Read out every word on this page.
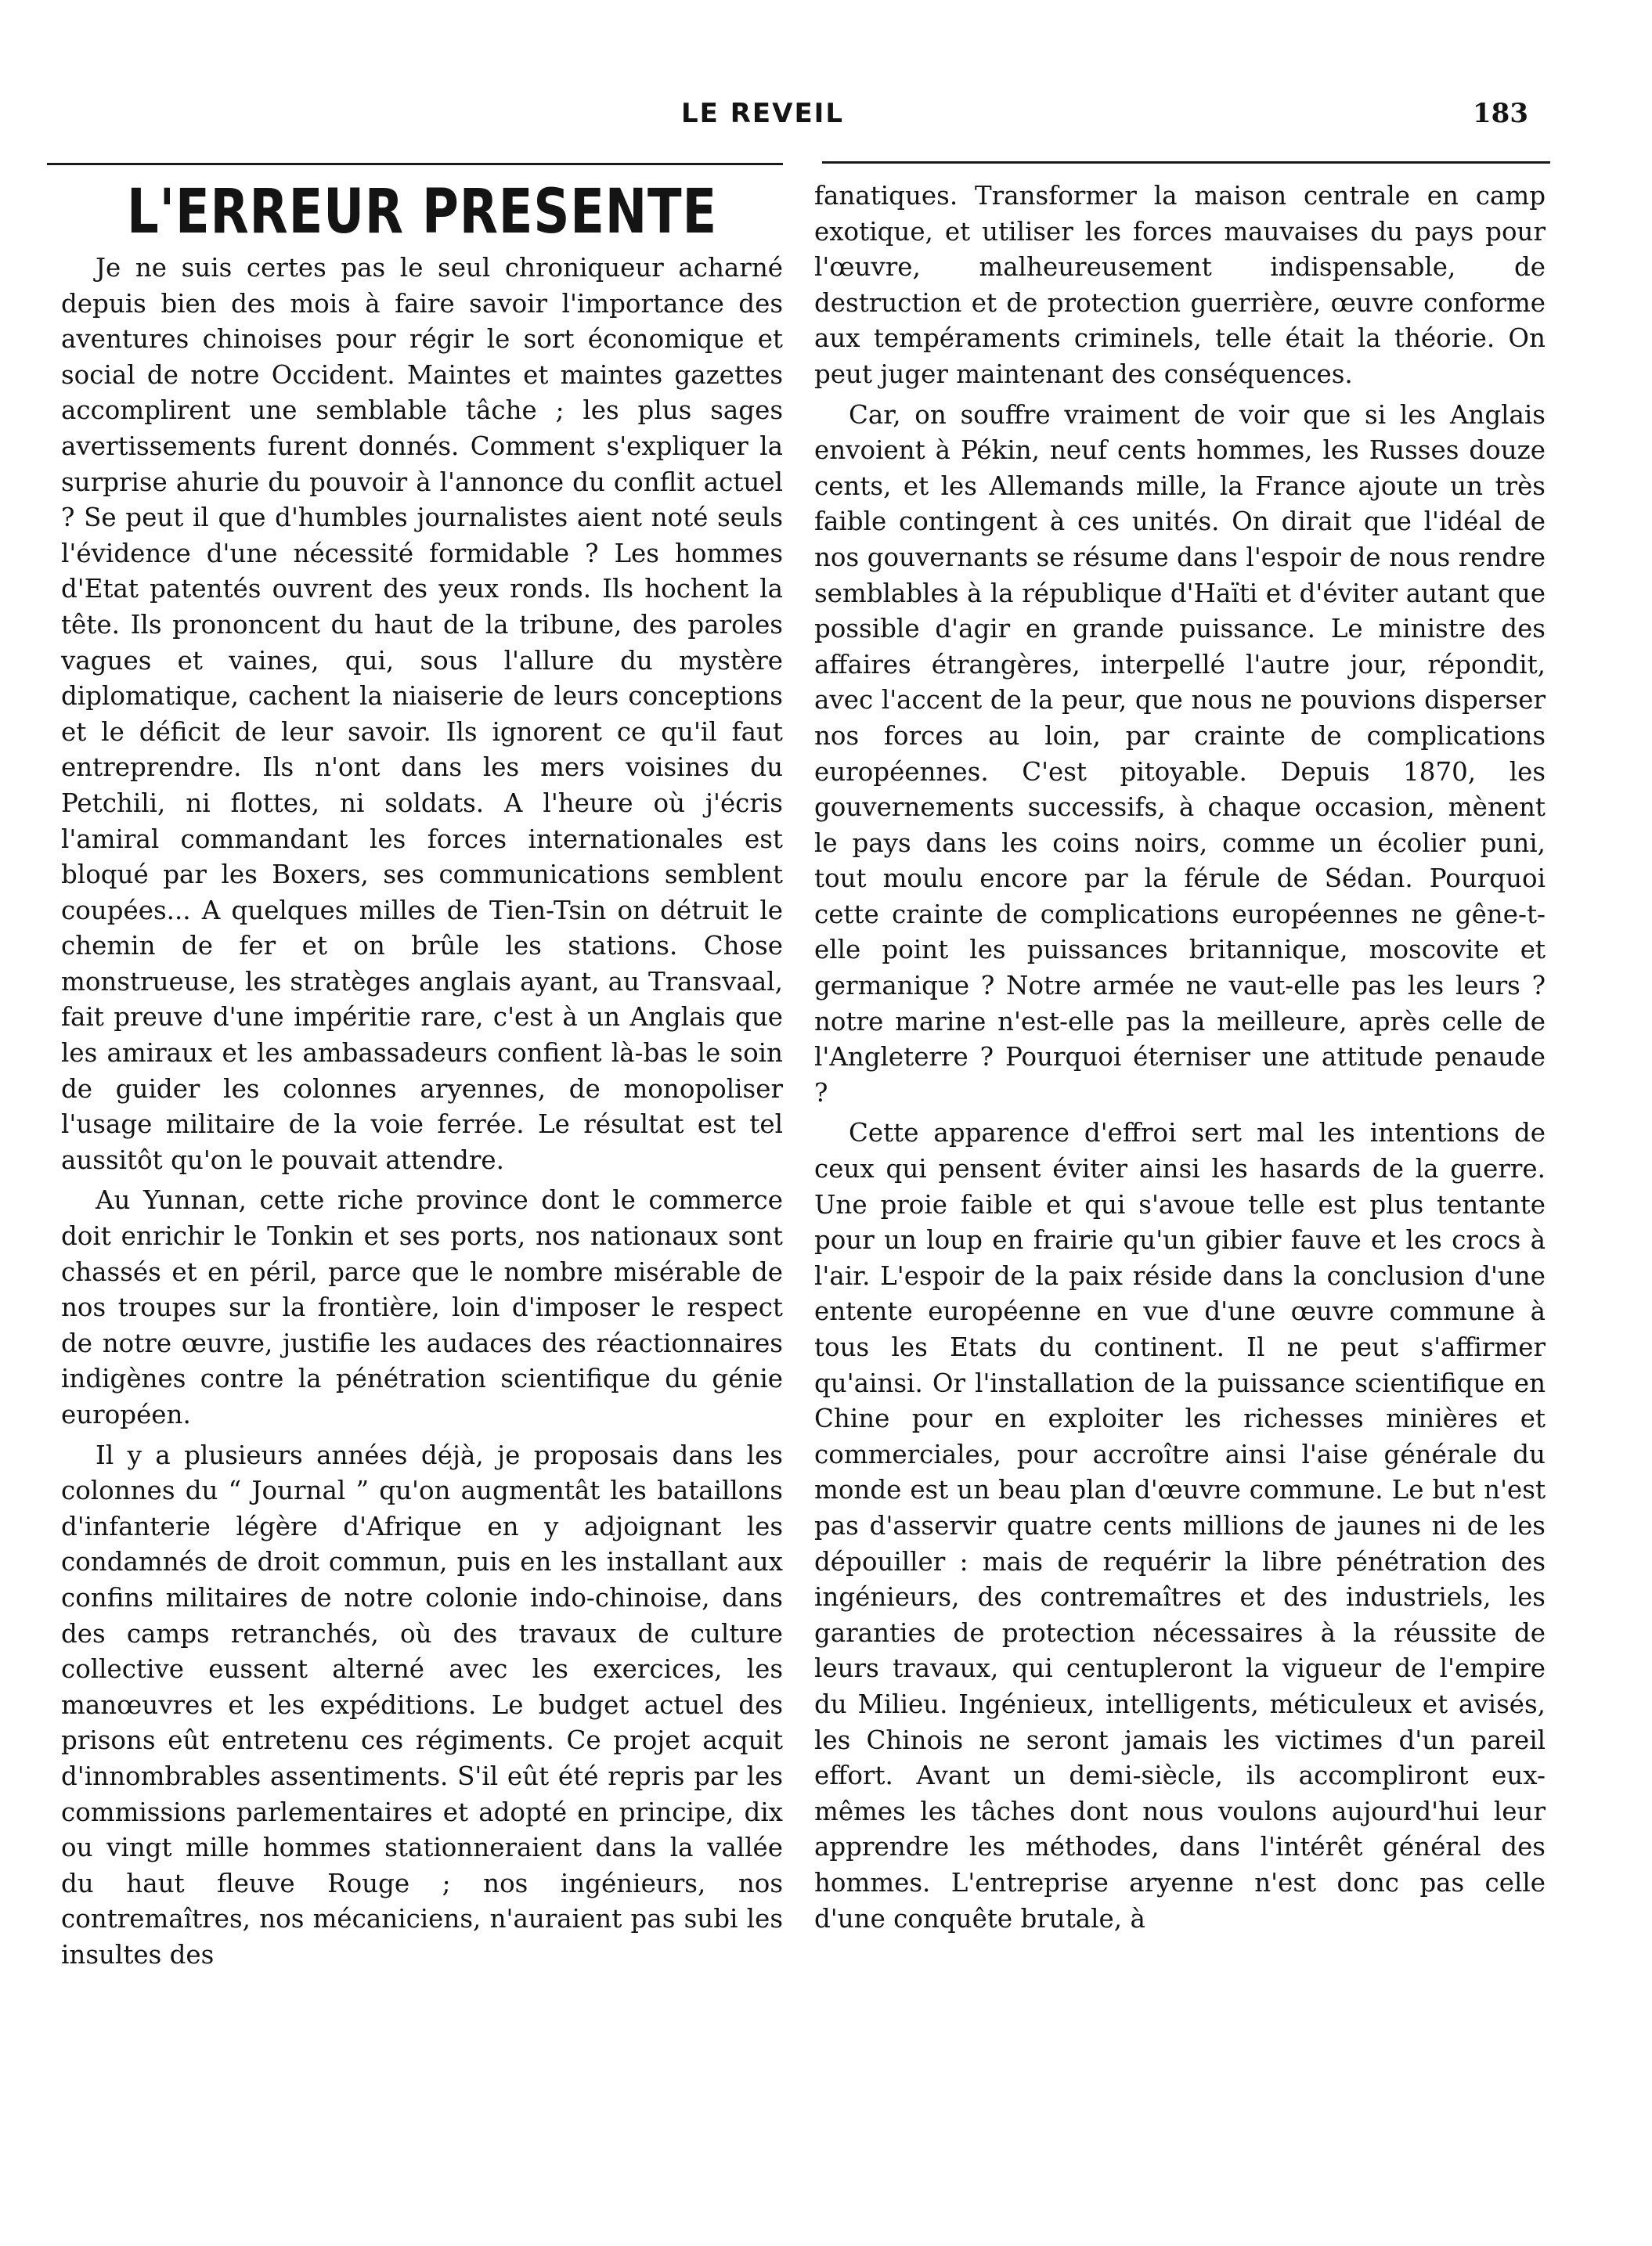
LE REVEIL	183
L'ERREUR PRESENTE

Je ne suis certes pas le seul chroniqueur acharné depuis bien des mois à faire savoir l'importance des aventures chinoises pour régir le sort économique et social de notre Occident. Maintes et maintes gazettes accomplirent une semblable tâche ; les plus sages avertissements furent donnés. Comment s'expliquer la surprise ahurie du pouvoir à l'annonce du conflit actuel ? Se peut il que d'humbles journalistes aient noté seuls l'évidence d'une nécessité formidable ? Les hommes d'Etat patentés ouvrent des yeux ronds. Ils hochent la tête. Ils prononcent du haut de la tribune, des paroles vagues et vaines, qui, sous l'allure du mystère diplomatique, cachent la niaiserie de leurs conceptions et le déficit de leur savoir. Ils ignorent ce qu'il faut entreprendre. Ils n'ont dans les mers voisines du Petchili, ni flottes, ni soldats. A l'heure où j'écris l'amiral commandant les forces internationales est bloqué par les Boxers, ses communications semblent coupées... A quelques milles de Tien-Tsin on détruit le chemin de fer et on brûle les stations. Chose monstrueuse, les stratèges anglais ayant, au Transvaal, fait preuve d'une impéritie rare, c'est à un Anglais que les amiraux et les ambassadeurs confient là-bas le soin de guider les colonnes aryennes, de monopoliser l'usage militaire de la voie ferrée. Le résultat est tel aussitôt qu'on le pouvait attendre.

Au Yunnan, cette riche province dont le commerce doit enrichir le Tonkin et ses ports, nos nationaux sont chassés et en péril, parce que le nombre misérable de nos troupes sur la frontière, loin d'imposer le respect de notre œuvre, justifie les audaces des réactionnaires indigènes contre la pénétration scientifique du génie européen.

Il y a plusieurs années déjà, je proposais dans les colonnes du “ Journal ” qu'on augmentât les bataillons d'infanterie légère d'Afrique en y adjoignant les condamnés de droit commun, puis en les installant aux confins militaires de notre colonie indo-chinoise, dans des camps retranchés, où des travaux de culture collective eussent alterné avec les exercices, les manœuvres et les expéditions. Le budget actuel des prisons eût entretenu ces régiments. Ce projet acquit d'innombrables assentiments. S'il eût été repris par les commissions parlementaires et adopté en principe, dix ou vingt mille hommes stationneraient dans la vallée du haut fleuve Rouge ; nos ingénieurs, nos contremaîtres, nos mécaniciens, n'auraient pas subi les insultes des

fanatiques. Transformer la maison centrale en camp exotique, et utiliser les forces mauvaises du pays pour l'œuvre, malheureusement indispensable, de destruction et de protection guerrière, œuvre conforme aux tempéraments criminels, telle était la théorie. On peut juger maintenant des conséquences.

Car, on souffre vraiment de voir que si les Anglais envoient à Pékin, neuf cents hommes, les Russes douze cents, et les Allemands mille, la France ajoute un très faible contingent à ces unités. On dirait que l'idéal de nos gouvernants se résume dans l'espoir de nous rendre semblables à la république d'Haïti et d'éviter autant que possible d'agir en grande puissance. Le ministre des affaires étrangères, interpellé l'autre jour, répondit, avec l'accent de la peur, que nous ne pouvions disperser nos forces au loin, par crainte de complications européennes. C'est pitoyable. Depuis 1870, les gouvernements successifs, à chaque occasion, mènent le pays dans les coins noirs, comme un écolier puni, tout moulu encore par la férule de Sédan. Pourquoi cette crainte de complications européennes ne gêne-t-elle point les puissances britannique, moscovite et germanique ? Notre armée ne vaut-elle pas les leurs ? notre marine n'est-elle pas la meilleure, après celle de l'Angleterre ? Pourquoi éterniser une attitude penaude ?

Cette apparence d'effroi sert mal les intentions de ceux qui pensent éviter ainsi les hasards de la guerre. Une proie faible et qui s'avoue telle est plus tentante pour un loup en frairie qu'un gibier fauve et les crocs à l'air. L'espoir de la paix réside dans la conclusion d'une entente européenne en vue d'une œuvre commune à tous les Etats du continent. Il ne peut s'affirmer qu'ainsi. Or l'installation de la puissance scientifique en Chine pour en exploiter les richesses minières et commerciales, pour accroître ainsi l'aise générale du monde est un beau plan d'œuvre commune. Le but n'est pas d'asservir quatre cents millions de jaunes ni de les dépouiller : mais de requérir la libre pénétration des ingénieurs, des contremaîtres et des industriels, les garanties de protection nécessaires à la réussite de leurs travaux, qui centupleront la vigueur de l'empire du Milieu. Ingénieux, intelligents, méticuleux et avisés, les Chinois ne seront jamais les victimes d'un pareil effort. Avant un demi-siècle, ils accompliront eux-mêmes les tâches dont nous voulons aujourd'hui leur apprendre les méthodes, dans l'intérêt général des hommes. L'entreprise aryenne n'est donc pas celle d'une conquête brutale, à
